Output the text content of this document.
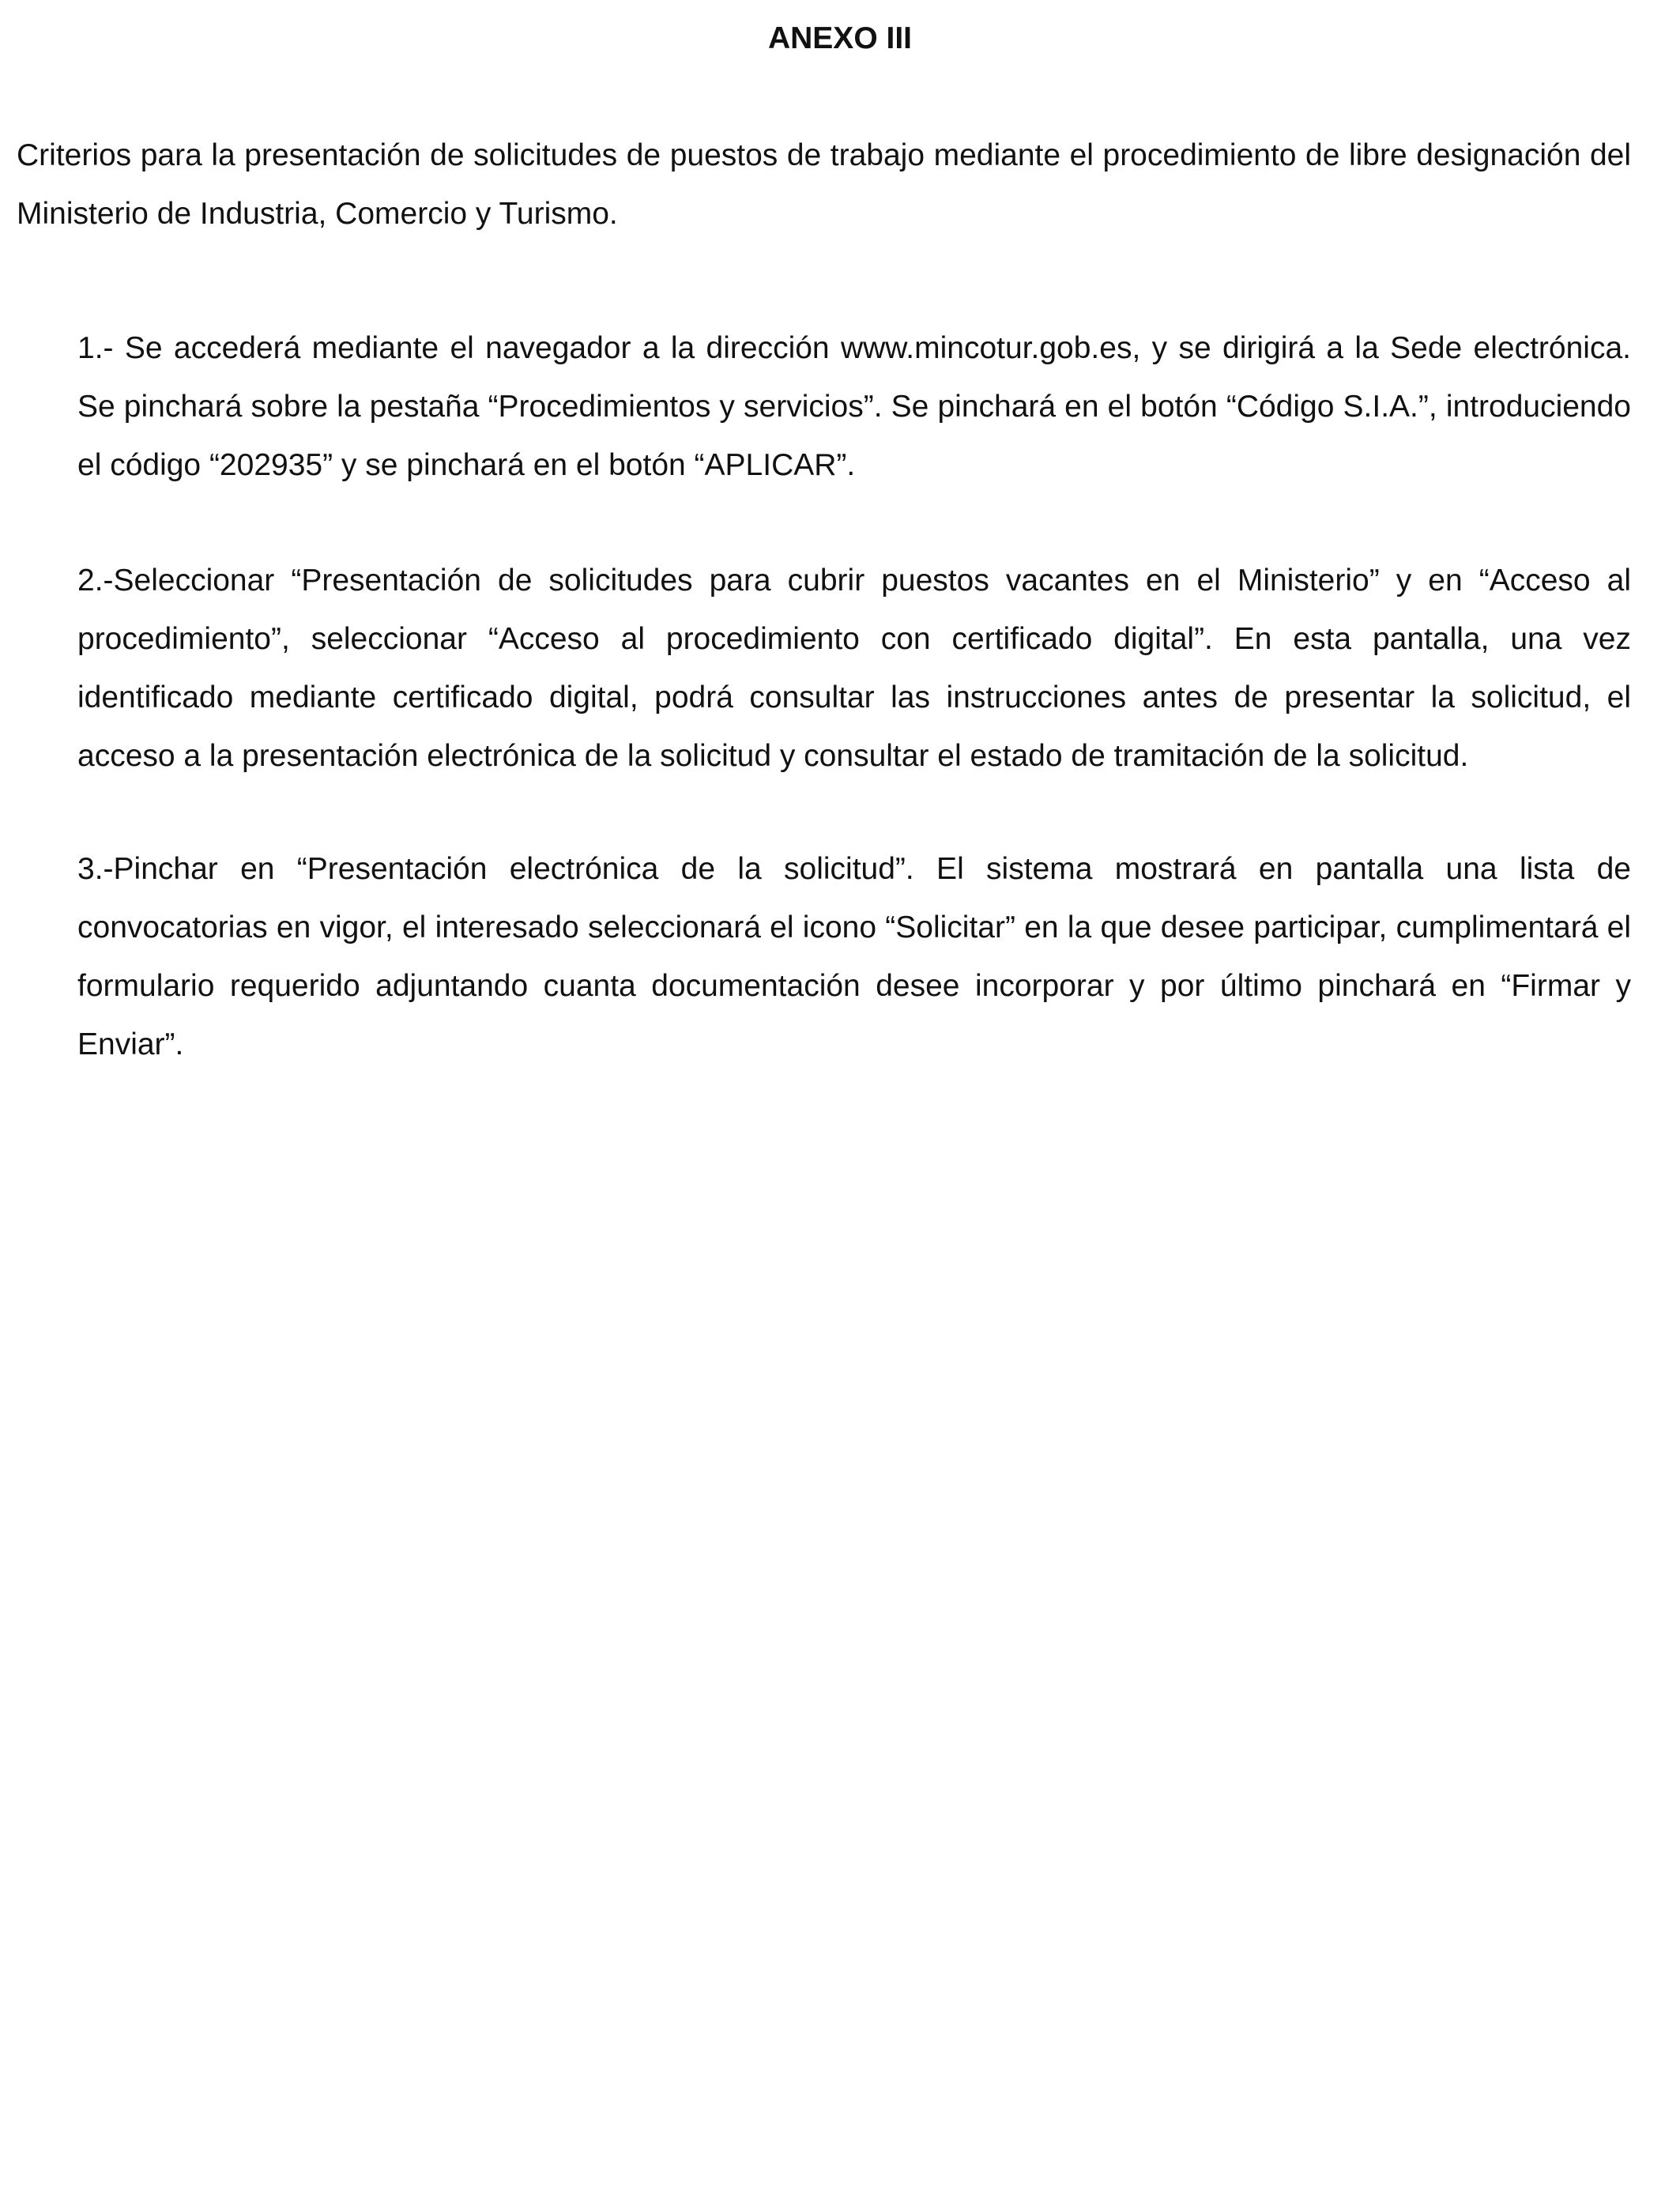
ANEXO III

Criterios para la presentación de solicitudes de puestos de trabajo mediante el procedimiento de libre designación del Ministerio de Industria, Comercio y Turismo.

1.- Se accederá mediante el navegador a la dirección www.mincotur.gob.es, y se dirigirá a la Sede electrónica. Se pinchará sobre la pestaña “Procedimientos y servicios”. Se pinchará en el botón “Código S.I.A.”, introduciendo el código “202935” y se pinchará en el botón “APLICAR”.

2.-Seleccionar “Presentación de solicitudes para cubrir puestos vacantes en el Ministerio” y en “Acceso al procedimiento”, seleccionar “Acceso al procedimiento con certificado digital”. En esta pantalla, una vez identificado mediante certificado digital, podrá consultar las instrucciones antes de presentar la solicitud, el acceso a la presentación electrónica de la solicitud y consultar el estado de tramitación de la solicitud.

3.-Pinchar en “Presentación electrónica de la solicitud”. El sistema mostrará en pantalla una lista de convocatorias en vigor, el interesado seleccionará el icono “Solicitar” en la que desee participar, cumplimentará el formulario requerido adjuntando cuanta documentación desee incorporar y por último pinchará en “Firmar y Enviar”.
